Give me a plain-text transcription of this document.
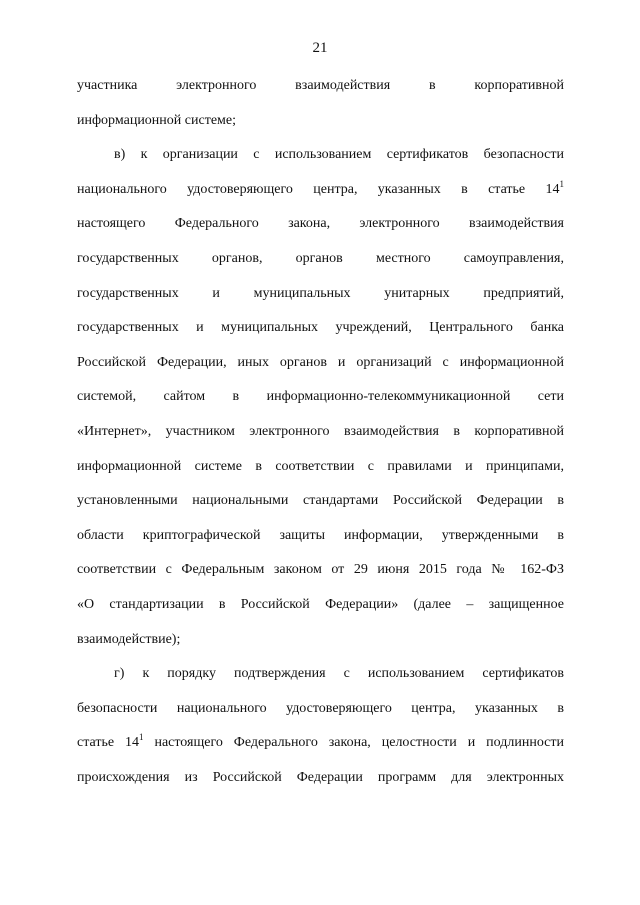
21
участника электронного взаимодействия в корпоративной
информационной системе;
в) к организации с использованием сертификатов безопасности
национального удостоверяющего центра, указанных в статье $14^1$
настоящего Федерального закона, электронного взаимодействия
государственных органов, органов местного самоуправления,
государственных и муниципальных унитарных предприятий,
государственных и муниципальных учреждений, Центрального банка
Российской Федерации, иных органов и организаций с информационной
системой, сайтом в информационно-телекоммуникационной сети
«Интернет», участником электронного взаимодействия в корпоративной
информационной системе в соответствии с правилами и принципами,
установленными национальными стандартами Российской Федерации в
области криптографической защиты информации, утвержденными в
соответствии с Федеральным законом от 29 июня 2015 года № 162-ФЗ
«О стандартизации в Российской Федерации» (далее – защищенное
взаимодействие);
г) к порядку подтверждения с использованием сертификатов
безопасности национального удостоверяющего центра, указанных в
статье $14^1$ настоящего Федерального закона, целостности и подлинности
происхождения из Российской Федерации программ для электронных
